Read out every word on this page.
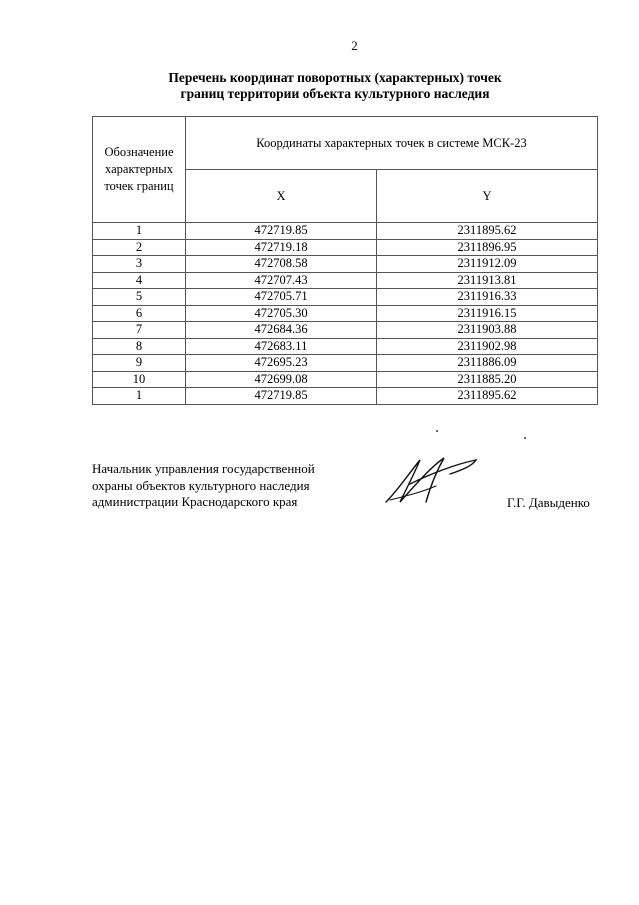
2
Перечень координат поворотных (характерных) точек
границ территории объекта культурного наследия
Обозначение
характерных
точек границ	Координаты характерных точек в системе МСК-23	
	X	Y
1	472719.85	2311895.62
2	472719.18	2311896.95
3	472708.58	2311912.09
4	472707.43	2311913.81
5	472705.71	2311916.33
6	472705.30	2311916.15
7	472684.36	2311903.88
8	472683.11	2311902.98
9	472695.23	2311886.09
10	472699.08	2311885.20
1	472719.85	2311895.62
Начальник управления государственной
охраны объектов культурного наследия
администрации Краснодарского края	Г.Г. Давыденко
